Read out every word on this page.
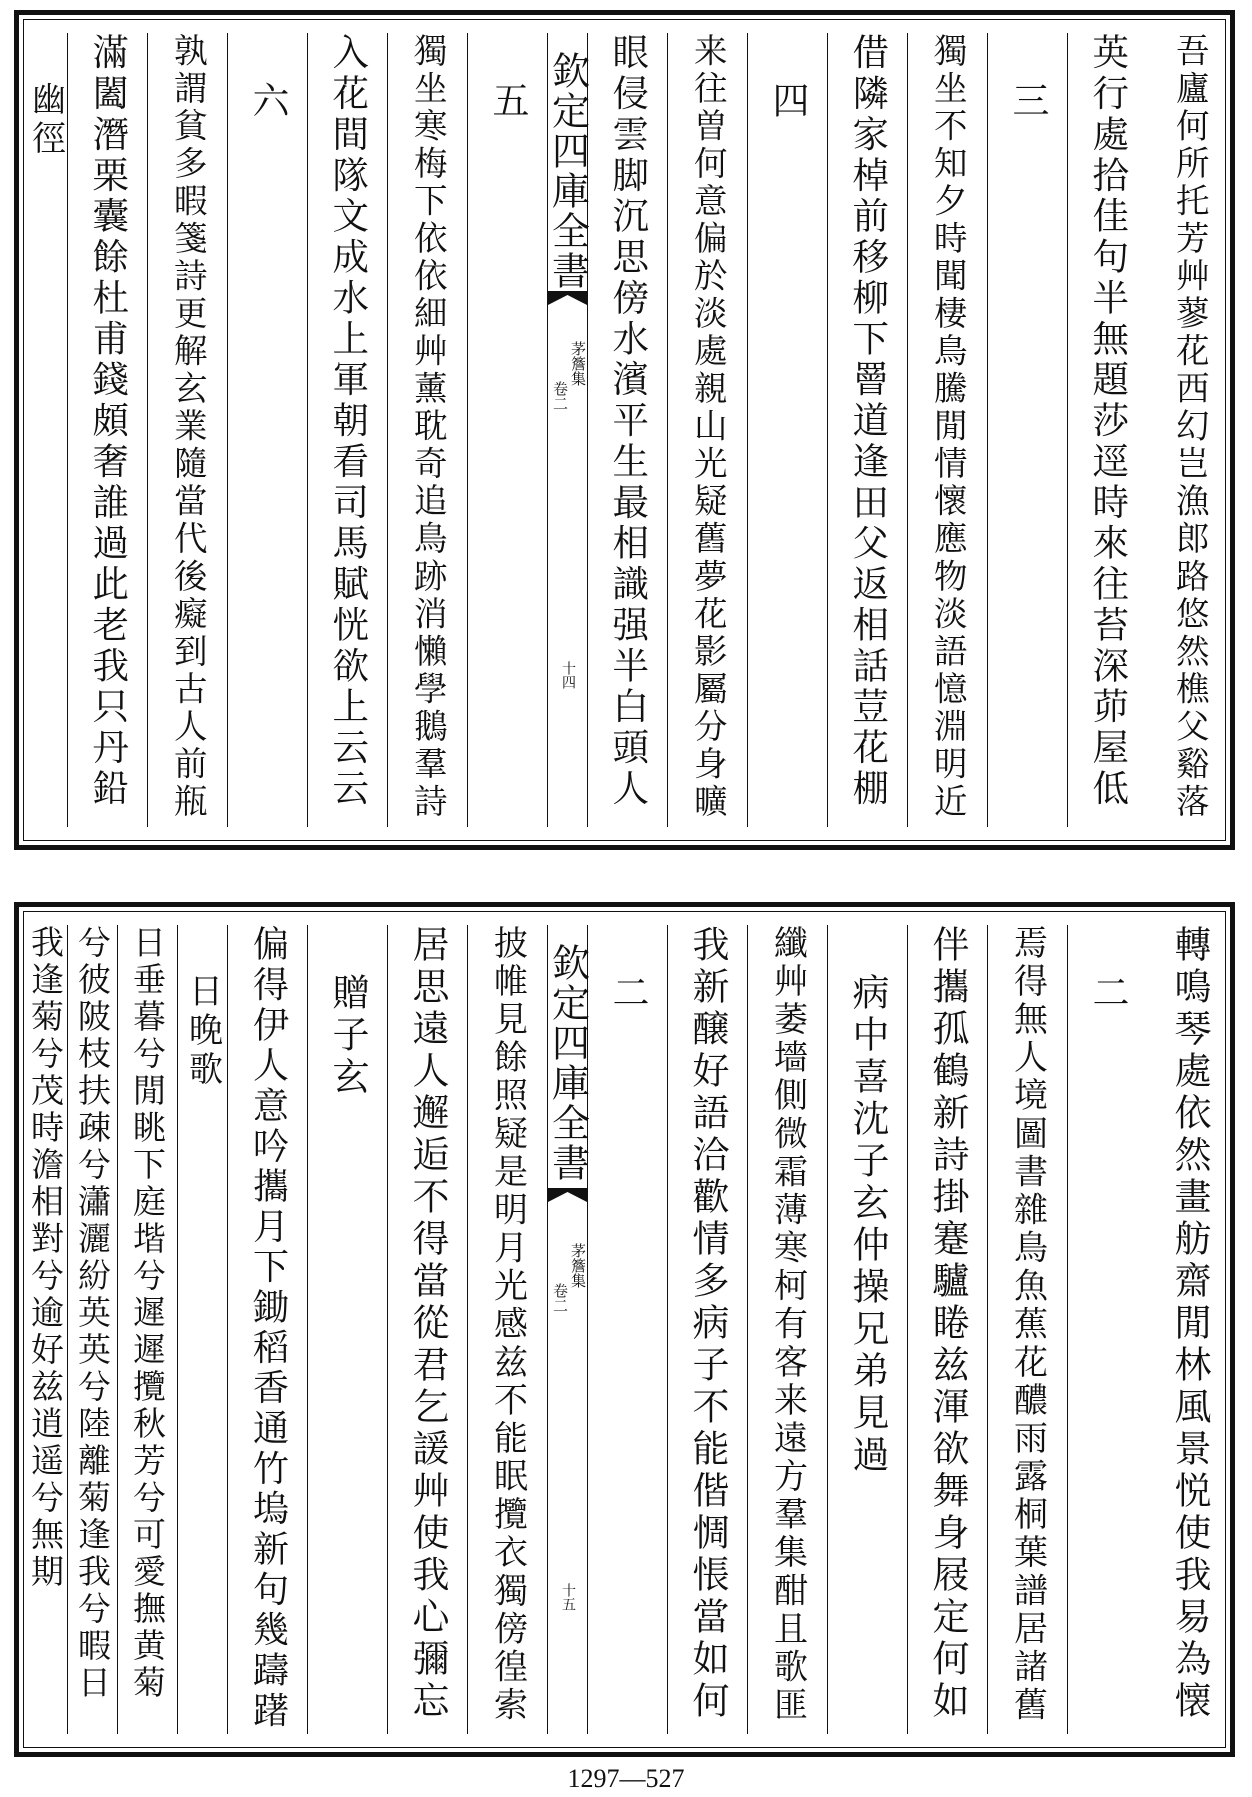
吾廬何所托芳艸蓼花西幻岂漁郎路悠然樵父谿落
英行處拾佳句半無題莎逕時來往苔深茆屋低
三
獨坐不知夕時聞棲鳥騰閒情懷應物淡語憶淵明近
借隣家棹前移柳下罾道逢田父返相話荳花棚
四
来往曽何意偏於淡處親山光疑舊夢花影屬分身曠
眼侵雲脚沉思傍水濱平生最相識强半白頭人
欽定四庫全書
茅簷集
卷二
十四
五
獨坐寒梅下依依細艸薰耽奇追鳥跡消懶學鵝羣詩
入花間隊文成水上軍朝看司馬賦恍欲上云云
六
孰謂貧多暇箋詩更解玄業隨當代後癡到古人前瓶
滿闔潛栗囊餘杜甫錢頗奢誰過此老我只丹鉛
幽徑
轉鳴琴處依然畫舫齋閒林風景悦使我易為懐
二
焉得無人境圖書雜鳥魚蕉花醲雨露桐葉譜居諸舊
伴攜孤鶴新詩掛蹇驢睠兹渾欲舞身屐定何如
病中喜沈子玄仲操兄弟見過
纖艸萎墻側微霜薄寒柯有客来遠方羣集酣且歌匪
我新醸好語洽歡情多病子不能偕惆悵當如何
二
欽定四庫全書
茅簷集
卷二
十五
披帷見餘照疑是明月光感兹不能眠攬衣獨傍徨索
居思遠人邂逅不得當從君乞諼艸使我心彌忘
贈子玄
偏得伊人意吟攜月下鋤稻香通竹塢新句幾躊躇
日晚歌
日垂暮兮閒眺下庭堦兮遲遲攬秋芳兮可愛撫黄菊
兮彼陂枝扶疎兮瀟灑紛英英兮陸離菊逢我兮暇日
我逢菊兮茂時澹相對兮逾好兹逍遥兮無期
1297—527
